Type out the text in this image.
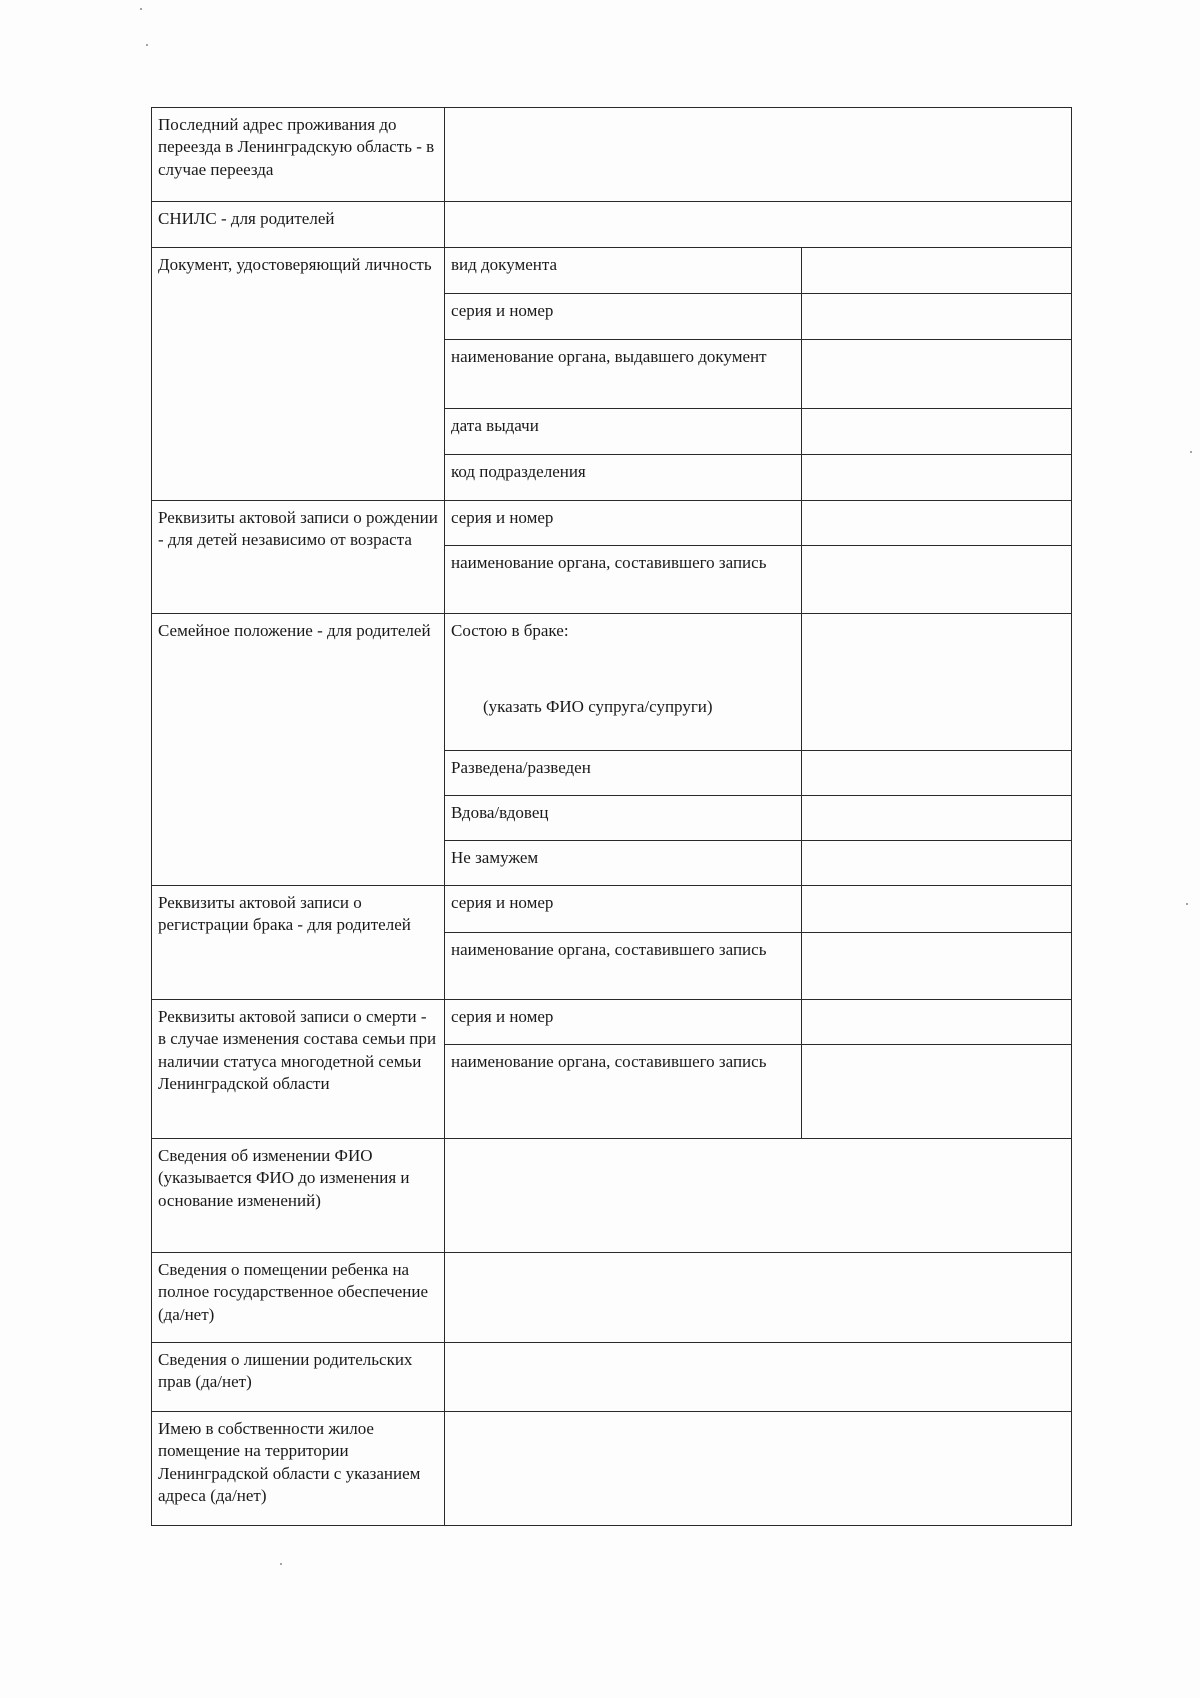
Последний адрес проживания до переезда в Ленинградскую область - в случае переезда		
СНИЛС - для родителей		
Документ, удостоверяющий личность	вид документа	
	серия и номер	
	наименование органа, выдавшего документ	
	дата выдачи	
	код подразделения	
Реквизиты актовой записи о рождении - для детей независимо от возраста	серия и номер	
	наименование органа, составившего запись	
Семейное положение - для родителей	Состою в браке:
(указать ФИО супруга/супруги)	

	Разведена/разведен	
	Вдова/вдовец	
	Не замужем	
Реквизиты актовой записи о регистрации брака - для родителей	серия и номер	
	наименование органа, составившего запись	
Реквизиты актовой записи о смерти - в случае изменения состава семьи при наличии статуса многодетной семьи Ленинградской области	серия и номер	
	наименование органа, составившего запись	
Сведения об изменении ФИО (указывается ФИО до изменения и основание изменений)		
Сведения о помещении ребенка на полное государственное обеспечение (да/нет)		
Сведения о лишении родительских прав (да/нет)		
Имею в собственности жилое помещение на территории Ленинградской области с указанием адреса (да/нет)		
